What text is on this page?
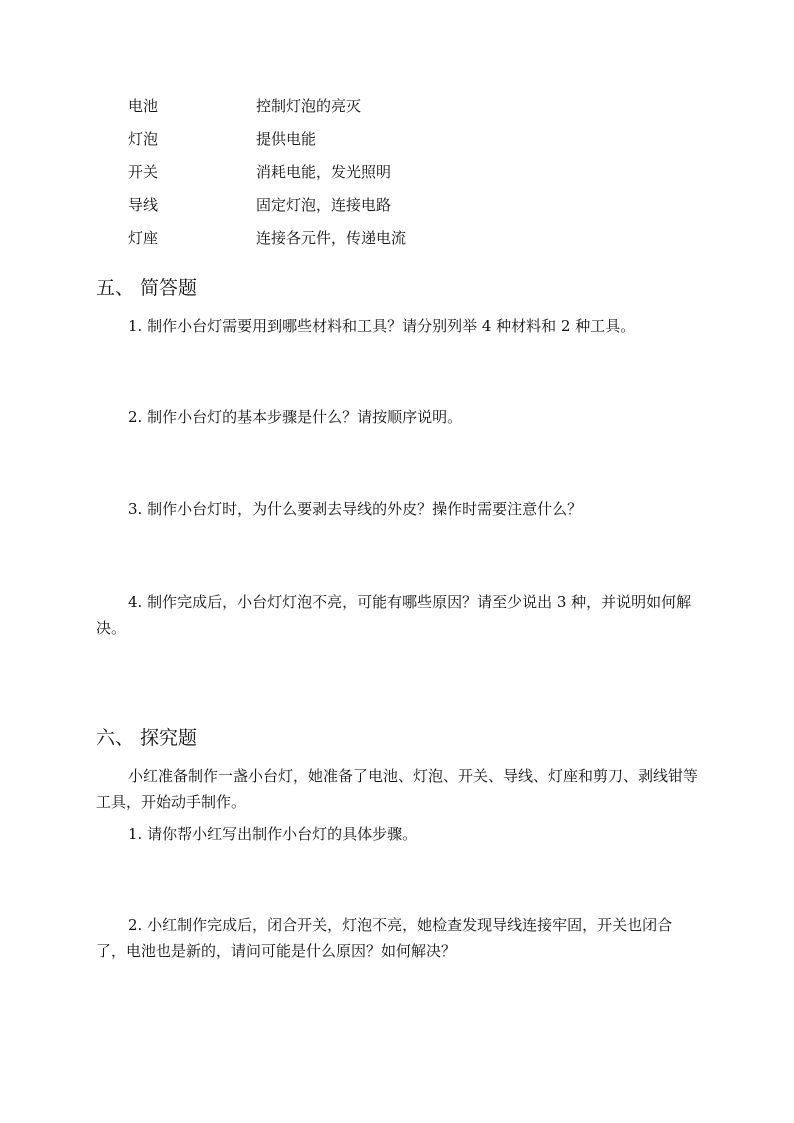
电池	控制灯泡的亮灭
灯泡	提供电能
开关	消耗电能，发光照明
导线	固定灯泡，连接电路
灯座	连接各元件，传递电流
五、 简答题

1. 制作小台灯需要用到哪些材料和工具？请分别列举 4 种材料和 2 种工具。

2. 制作小台灯的基本步骤是什么？请按顺序说明。

3. 制作小台灯时，为什么要剥去导线的外皮？操作时需要注意什么？

4. 制作完成后，小台灯灯泡不亮，可能有哪些原因？请至少说出 3 种，并说明如何解决。

六、 探究题

小红准备制作一盏小台灯，她准备了电池、灯泡、开关、导线、灯座和剪刀、剥线钳等工具，开始动手制作。

1. 请你帮小红写出制作小台灯的具体步骤。

2. 小红制作完成后，闭合开关，灯泡不亮，她检查发现导线连接牢固，开关也闭合了，电池也是新的，请问可能是什么原因？如何解决？
